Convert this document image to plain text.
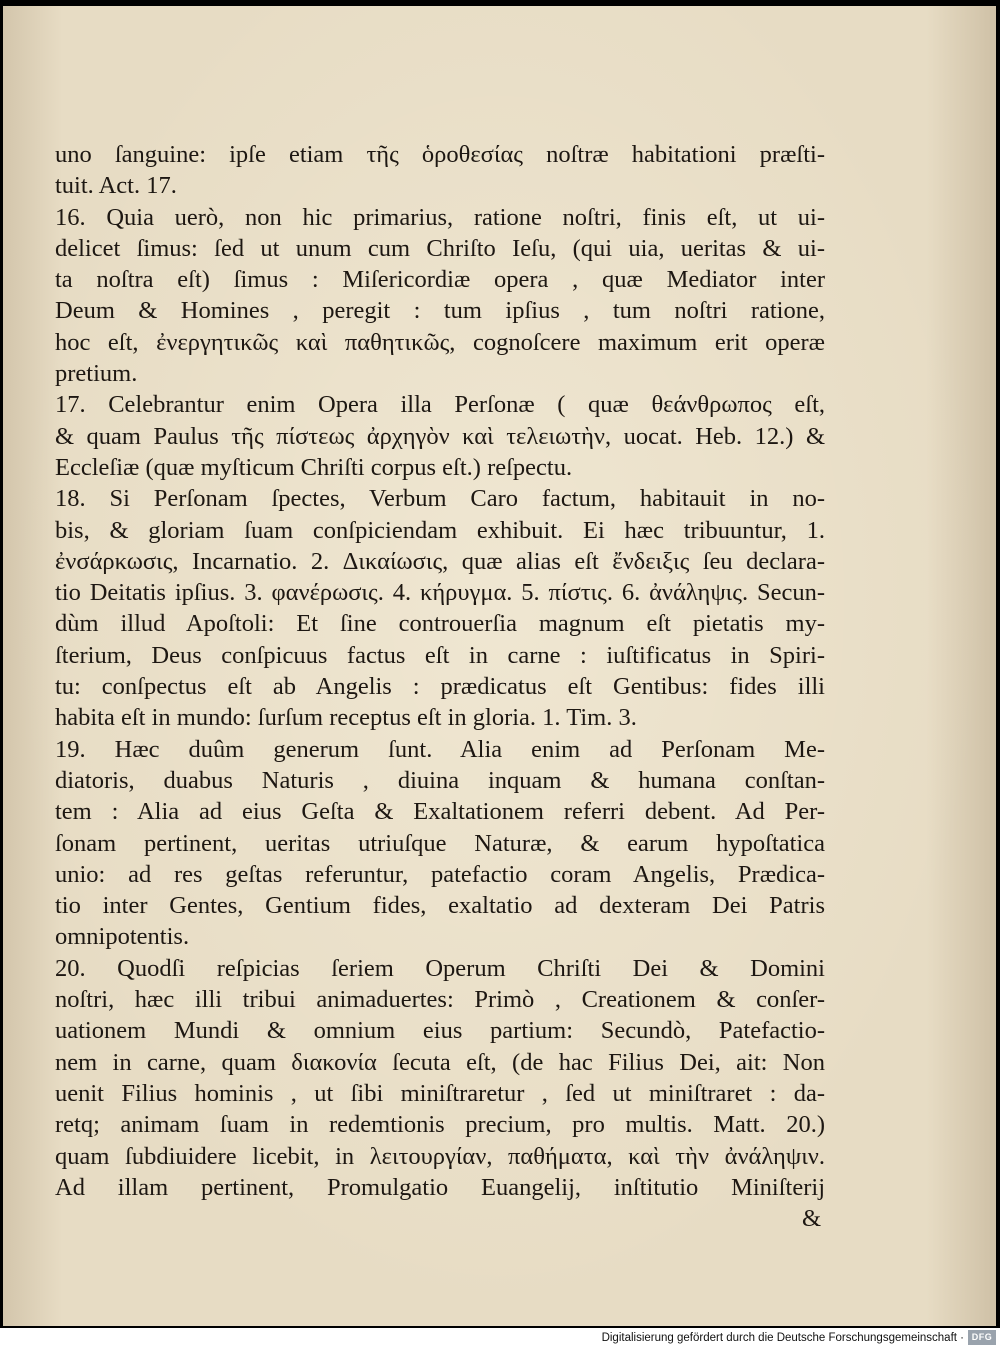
uno ſanguine: ipſe etiam τῆς ὁροθεσίας noſtræ habitationi præſti-
tuit. Act. 17.
16. Quia uerò, non hic primarius, ratione noſtri, finis eſt, ut ui-
delicet ſimus: ſed ut unum cum Chriſto Ieſu, (qui uia, ueritas & ui-
ta noſtra eſt) ſimus : Miſericordiæ opera , quæ Mediator inter
Deum & Homines , peregit : tum ipſius , tum noſtri ratione,
hoc eſt, ἐνεργητικῶς καὶ παθητικῶς, cognoſcere maximum erit operæ
pretium.
17. Celebrantur enim Opera illa Perſonæ ( quæ θεάνθρωπος eſt,
& quam Paulus τῆς πίστεως ἀρχηγὸν καὶ τελειωτὴν, uocat. Heb. 12.) &
Eccleſiæ (quæ myſticum Chriſti corpus eſt.) reſpectu.
18. Si Perſonam ſpectes, Verbum Caro factum, habitauit in no-
bis, & gloriam ſuam conſpiciendam exhibuit. Ei hæc tribuuntur, 1.
ἐνσάρκωσις, Incarnatio. 2. Δικαίωσις, quæ alias eſt ἔνδειξις ſeu declara-
tio Deitatis ipſius. 3. φανέρωσις. 4. κήρυγμα. 5. πίστις. 6. ἀνάληψις. Secun-
dùm illud Apoſtoli: Et ſine controuerſia magnum eſt pietatis my-
ſterium, Deus conſpicuus factus eſt in carne : iuſtificatus in Spiri-
tu: conſpectus eſt ab Angelis : prædicatus eſt Gentibus: fides illi
habita eſt in mundo: ſurſum receptus eſt in gloria. 1. Tim. 3.
19. Hæc duûm generum ſunt. Alia enim ad Perſonam Me-
diatoris, duabus Naturis , diuina inquam & humana conſtan-
tem : Alia ad eius Geſta & Exaltationem referri debent. Ad Per-
ſonam pertinent, ueritas utriuſque Naturæ, & earum hypoſtatica
unio: ad res geſtas referuntur, patefactio coram Angelis, Prædica-
tio inter Gentes, Gentium fides, exaltatio ad dexteram Dei Patris
omnipotentis.
20. Quodſi reſpicias ſeriem Operum Chriſti Dei & Domini
noſtri, hæc illi tribui animaduertes: Primò , Creationem & conſer-
uationem Mundi & omnium eius partium: Secundò, Patefactio-
nem in carne, quam διακονία ſecuta eſt, (de hac Filius Dei, ait: Non
uenit Filius hominis , ut ſibi miniſtraretur , ſed ut miniſtraret : da-
retq; animam ſuam in redemtionis precium, pro multis. Matt. 20.)
quam ſubdiuidere licebit, in λειτουργίαν, παθήματα, καὶ τὴν ἀνάληψιν.
Ad illam pertinent, Promulgatio Euangelij, inſtitutio Miniſterij
&
Digitalisierung gefördert durch die Deutsche Forschungsgemeinschaft · DFG
